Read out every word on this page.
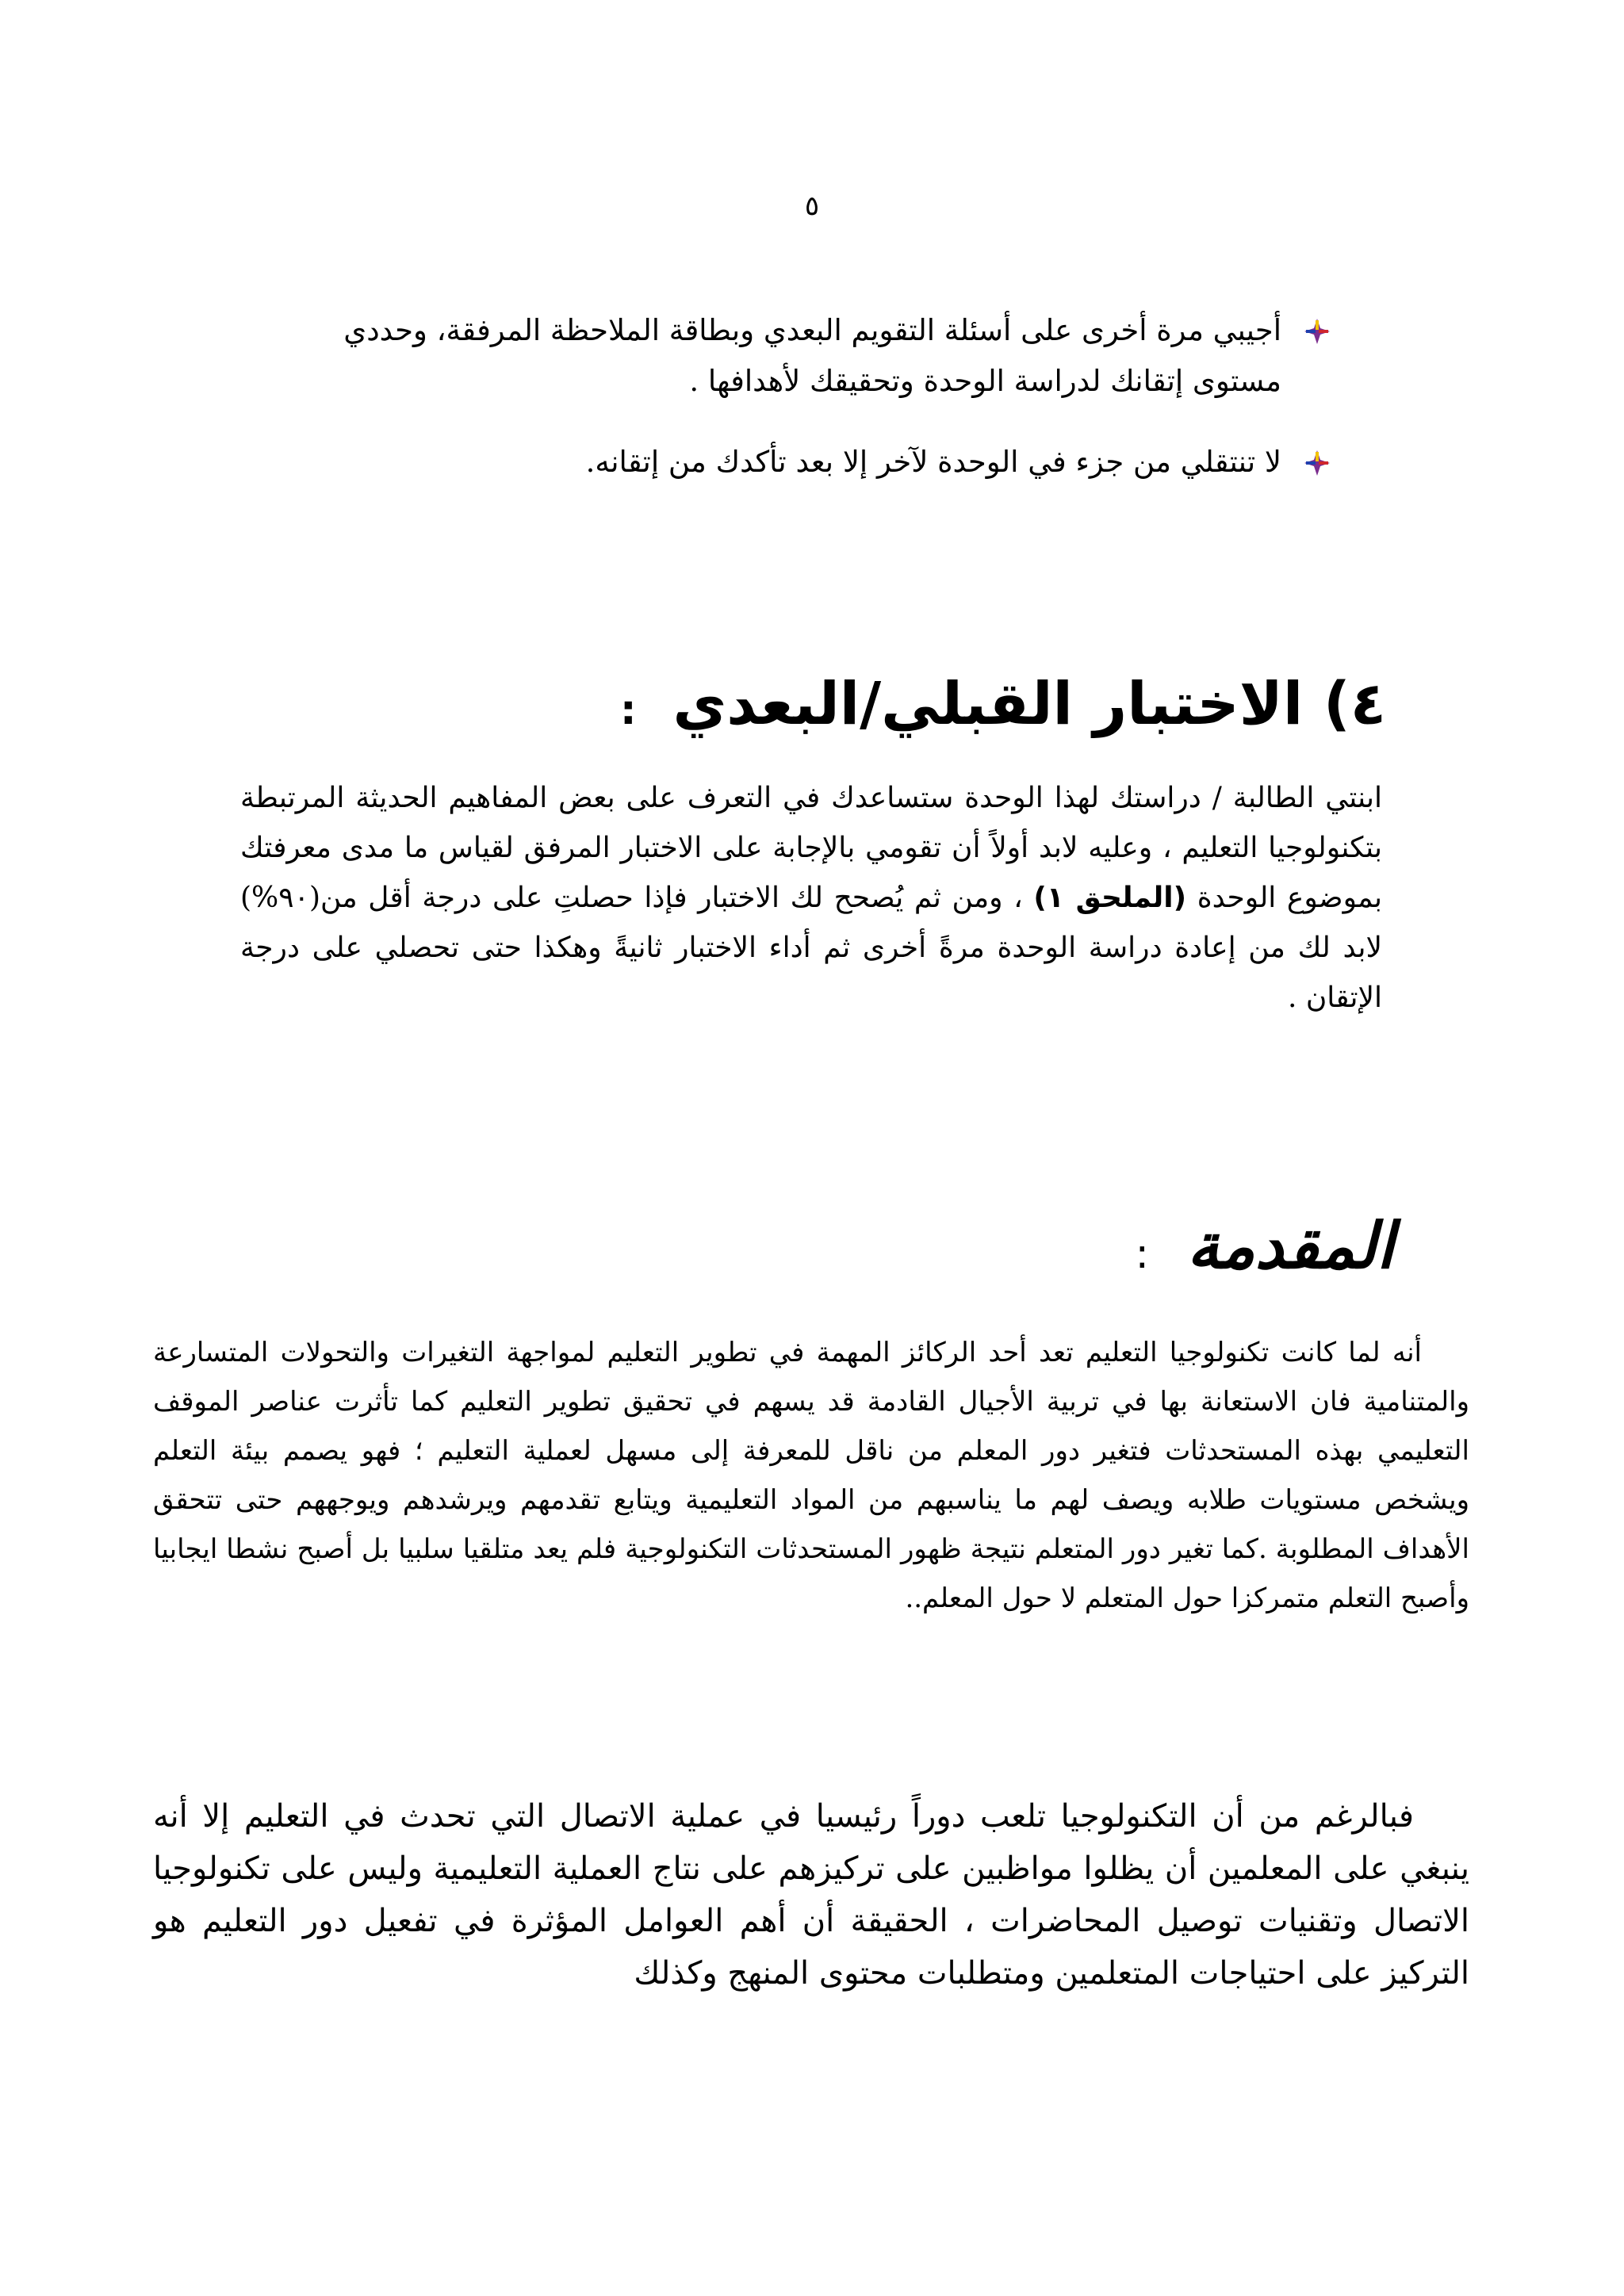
٥
أجيبي مرة أخرى على أسئلة التقويم البعدي وبطاقة الملاحظة المرفقة، وحددي مستوى إتقانك لدراسة الوحدة وتحقيقك لأهدافها .
لا تنتقلي من جزء في الوحدة لآخر إلا بعد تأكدك من إتقانه.
٤) الاختبار القبلي/البعدي :
ابنتي الطالبة / دراستك لهذا الوحدة ستساعدك في التعرف على بعض المفاهيم الحديثة المرتبطة بتكنولوجيا التعليم ، وعليه لابد أولاً أن تقومي بالإجابة على الاختبار المرفق لقياس ما مدى معرفتك بموضوع الوحدة (الملحق ١) ، ومن ثم يُصحح لك الاختبار فإذا حصلتِ على درجة أقل من(٩٠%) لابد لك من إعادة دراسة الوحدة مرةً أخرى ثم أداء الاختبار ثانيةً وهكذا حتى تحصلي على درجة الإتقان .
المقدمة :
أنه لما كانت تكنولوجيا التعليم تعد أحد الركائز المهمة في تطوير التعليم لمواجهة التغيرات والتحولات المتسارعة والمتنامية فان الاستعانة بها في تربية الأجيال القادمة قد يسهم في تحقيق تطوير التعليم كما تأثرت عناصر الموقف التعليمي بهذه المستحدثات فتغير دور المعلم من ناقل للمعرفة إلى مسهل لعملية التعليم ؛ فهو يصمم بيئة التعلم ويشخص مستويات طلابه ويصف لهم ما يناسبهم من المواد التعليمية ويتابع تقدمهم ويرشدهم ويوجههم حتى تتحقق الأهداف المطلوبة .كما تغير دور المتعلم نتيجة ظهور المستحدثات التكنولوجية فلم يعد متلقيا سلبيا بل أصبح نشطا ايجابيا وأصبح التعلم متمركزا حول المتعلم لا حول المعلم..
فبالرغم من أن التكنولوجيا تلعب دوراً رئيسيا في عملية الاتصال التي تحدث في التعليم إلا أنه ينبغي على المعلمين أن يظلوا مواظبين على تركيزهم على نتاج العملية التعليمية وليس على تكنولوجيا الاتصال وتقنيات توصيل المحاضرات ، الحقيقة أن أهم العوامل المؤثرة في تفعيل دور التعليم هو التركيز على احتياجات المتعلمين ومتطلبات محتوى المنهج وكذلك
